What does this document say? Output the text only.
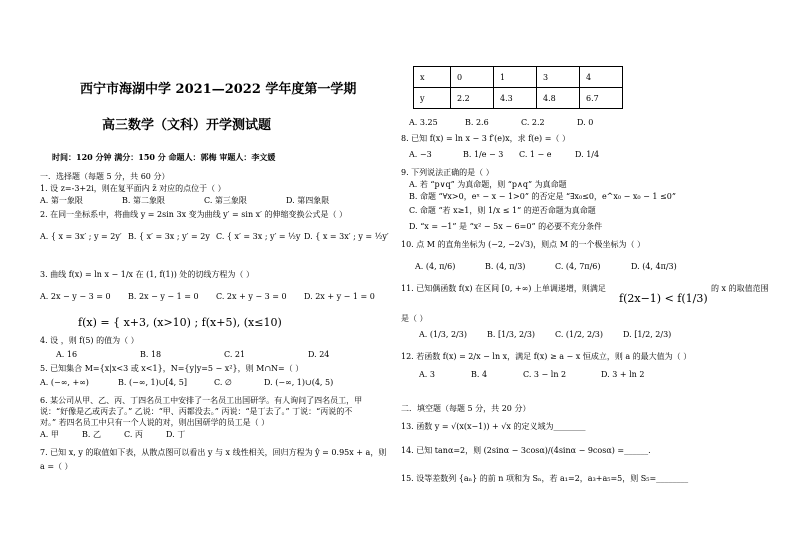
西宁市海湖中学 2021—2022 学年度第一学期
高三数学（文科）开学测试题
时间：120 分钟 满分：150 分 命题人：郭梅 审题人：李文媛
一．选择题（每题 5 分，共 60 分）
1. 设 z=-3+2i，则在复平面内 z̄ 对应的点位于（ ）
A. 第一象限	B. 第二象限	C. 第三象限	D. 第四象限
2. 在同一坐标系中，将曲线 y = 2sin 3x 变为曲线 y′ = sin x′ 的伸缩变换公式是（ ）
A. { x = 3x′ ; y = 2y′ B. { x′ = 3x ; y′ = 2y C. { x′ = 3x ; y′ = ½y D. { x = 3x′ ; y = ½y′
3. 曲线 f(x) = ln x − 1/x 在 (1, f(1)) 处的切线方程为（ ）
A. 2x − y − 3 = 0	B. 2x − y − 1 = 0	C. 2x + y − 3 = 0	D. 2x + y − 1 = 0
f(x) = { x+3, (x>10) ; f(x+5), (x≤10)
4. 设 ，则 f(5) 的值为（ ）
A. 16	B. 18	C. 21	D. 24
5. 已知集合 M={x|x<3 或 x<1}，N={y|y=5 − x²}，则 M∩N=（ ）
A. (−∞, +∞)	B. (−∞, 1)∪[4, 5]	C. ∅	D. (−∞, 1)∪(4, 5)
6. 某公司从甲、乙、丙、丁四名员工中安排了一名员工出国研学。有人询问了四名员工，甲
说：“好像是乙或丙去了。” 乙说：“甲、丙都没去。” 丙说：“是丁去了。” 丁说：“丙说的不
对。” 若四名员工中只有一个人说的对，则出国研学的员工是（ ）
A. 甲	B. 乙	C. 丙	D. 丁
7. 已知 x, y 的取值如下表，从散点图可以看出 y 与 x 线性相关，回归方程为 ŷ = 0.95x + a，则
a =（ ）
x	0	1	3	4
y	2.2	4.3	4.8	6.7
A. 3.25	B. 2.6	C. 2.2	D. 0
8. 已知 f(x) = ln x − 3 f′(e)x，求 f(e) =（ ）
A. −3	B. 1/e − 3	C. 1 − e	D. 1/4
9. 下列说法正确的是（ ）
A. 若 “p∨q” 为真命题，则 “p∧q” 为真命题
B. 命题 “∀x>0，eˣ − x − 1>0” 的否定是 “∃x₀≤0，e^x₀ − x₀ − 1 ≤0”
C. 命题 “若 x≥1，则 1/x ≤ 1” 的逆否命题为真命题
D. “x = −1” 是 “x² − 5x − 6=0” 的必要不充分条件
10. 点 M 的直角坐标为 (−2, −2√3)，则点 M 的一个极坐标为（ ）
A. (4, π/6)	B. (4, π/3)	C. (4, 7π/6)	D. (4, 4π/3)
11. 已知偶函数 f(x) 在区间 [0, +∞) 上单调递增，则满足
f(2x−1) < f(1/3)
的 x 的取值范围
是（ ）
A. (1/3, 2/3)	B. [1/3, 2/3)	C. (1/2, 2/3)	D. [1/2, 2/3)
12. 若函数 f(x) = 2/x − ln x，满足 f(x) ≥ a − x 恒成立，则 a 的最大值为（ ）
A. 3	B. 4	C. 3 − ln 2	D. 3 + ln 2
二．填空题（每题 5 分，共 20 分）
13. 函数 y = √(x(x−1)) + √x 的定义域为________
14. 已知 tanα=2，则 (2sinα − 3cosα)/(4sinα − 9cosα) =______.
15. 设等差数列 {aₙ} 的前 n 项和为 Sₙ，若 a₁=2，a₃+a₅=5，则 S₅=________
